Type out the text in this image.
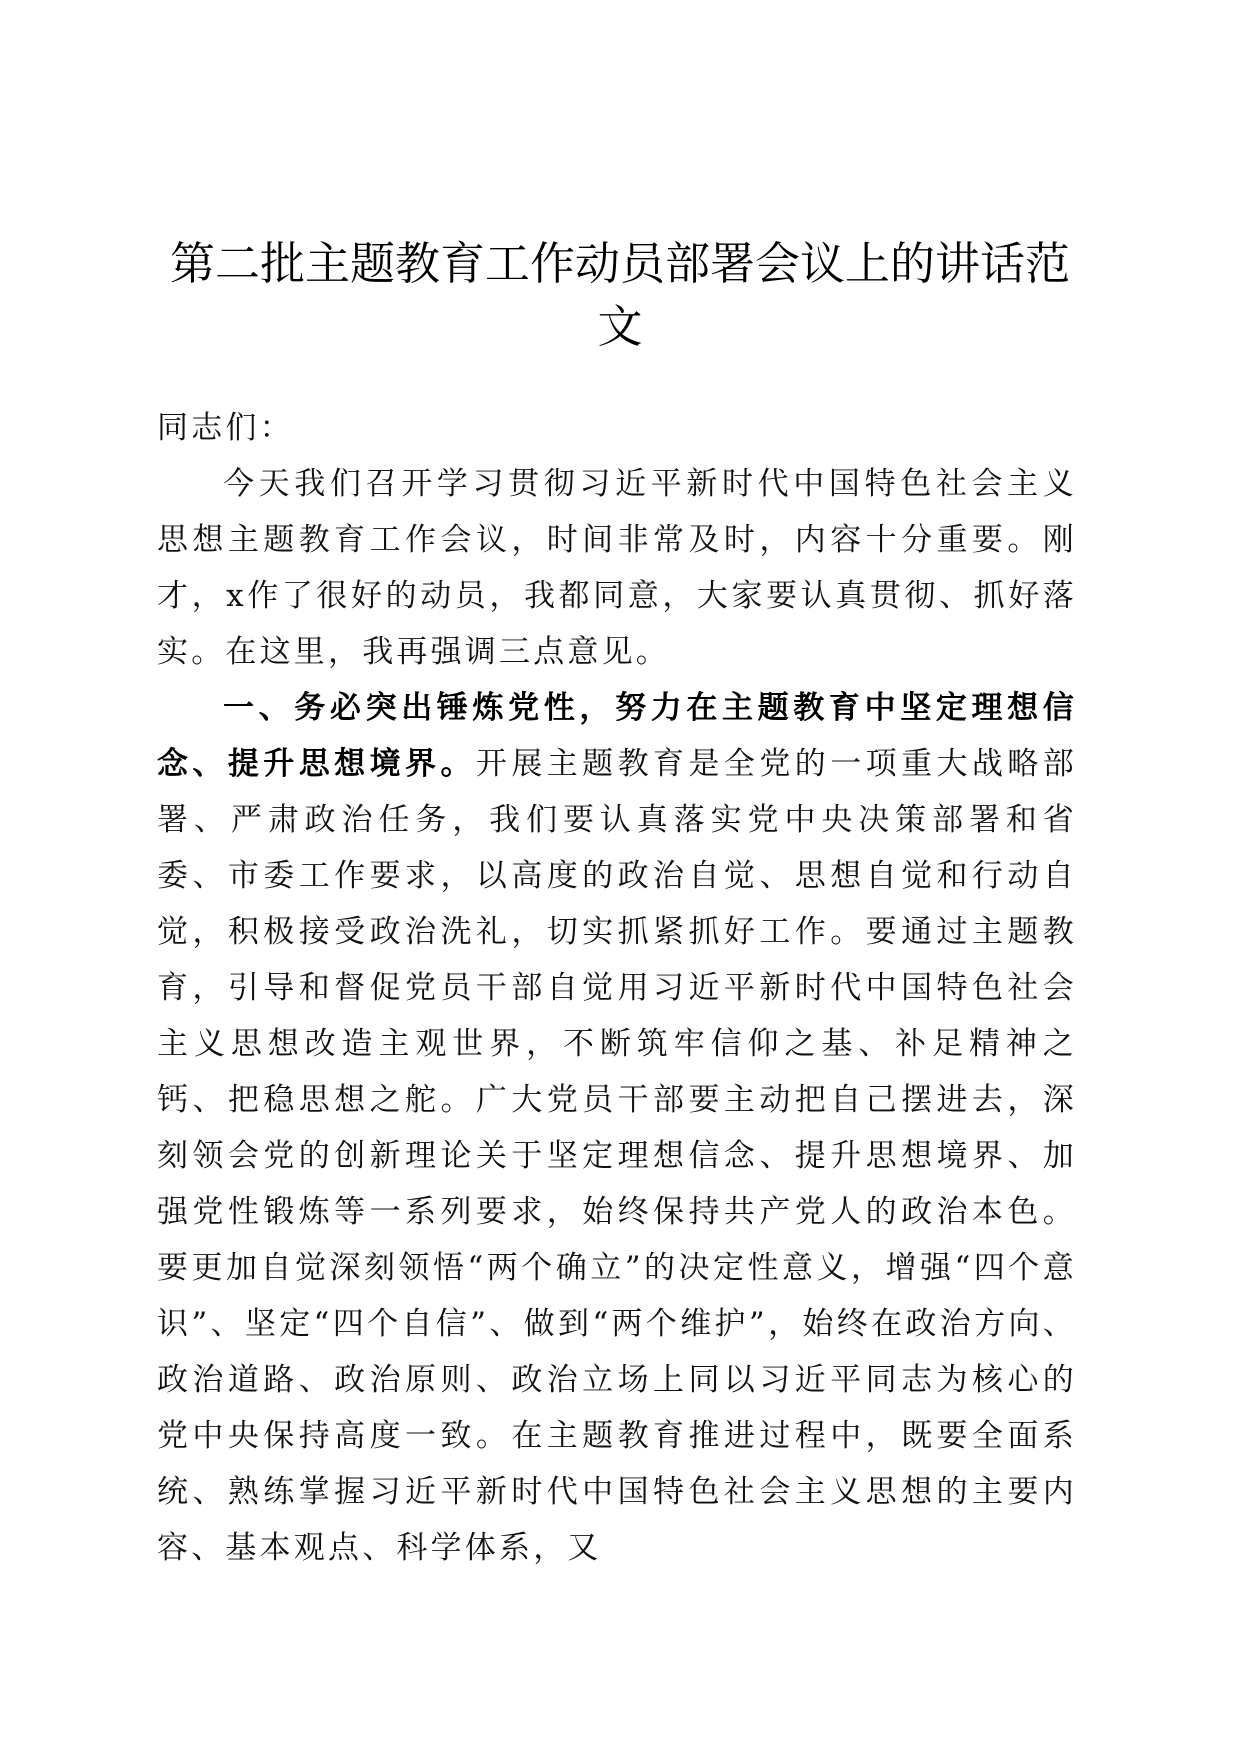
第二批主题教育工作动员部署会议上的讲话范文

同志们：

今天我们召开学习贯彻习近平新时代中国特色社会主义思想主题教育工作会议，时间非常及时，内容十分重要。刚才，x作了很好的动员，我都同意，大家要认真贯彻、抓好落实。在这里，我再强调三点意见。

一、务必突出锤炼党性，努力在主题教育中坚定理想信念、提升思想境界。开展主题教育是全党的一项重大战略部署、严肃政治任务，我们要认真落实党中央决策部署和省委、市委工作要求，以高度的政治自觉、思想自觉和行动自觉，积极接受政治洗礼，切实抓紧抓好工作。要通过主题教育，引导和督促党员干部自觉用习近平新时代中国特色社会主义思想改造主观世界，不断筑牢信仰之基、补足精神之钙、把稳思想之舵。广大党员干部要主动把自己摆进去，深刻领会党的创新理论关于坚定理想信念、提升思想境界、加强党性锻炼等一系列要求，始终保持共产党人的政治本色。要更加自觉深刻领悟“两个确立”的决定性意义，增强“四个意识”、坚定“四个自信”、做到“两个维护”，始终在政治方向、政治道路、政治原则、政治立场上同以习近平同志为核心的党中央保持高度一致。在主题教育推进过程中，既要全面系统、熟练掌握习近平新时代中国特色社会主义思想的主要内容、基本观点、科学体系，又
